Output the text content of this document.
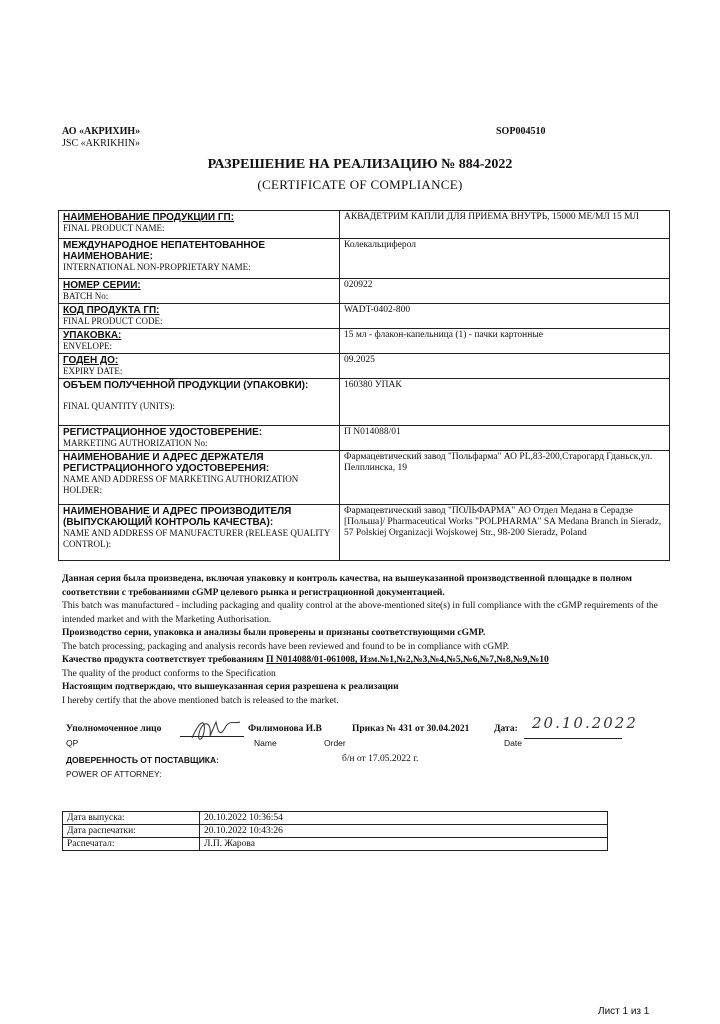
АО «АКРИХИН»
JSC «AKRIKHIN»
SOP004510
РАЗРЕШЕНИЕ НА РЕАЛИЗАЦИЮ № 884-2022
(CERTIFICATE OF COMPLIANCE)
НАИМЕНОВАНИЕ ПРОДУКЦИИ ГП:
FINAL PRODUCT NAME:	АКВАДЕТРИМ КАПЛИ ДЛЯ ПРИЕМА ВНУТРЬ, 15000 МЕ/МЛ 15 МЛ

МЕЖДУНАРОДНОЕ НЕПАТЕНТОВАННОЕ НАИМЕНОВАНИЕ:
INTERNATIONAL NON-PROPRIETARY NAME:	Колекальциферол

НОМЕР СЕРИИ:
BATCH No:	020922

КОД ПРОДУКТА ГП:
FINAL PRODUCT CODE:	WADT-0402-800

УПАКОВКА:
ENVELOPE:	15 мл - флакон-капельница (1) - пачки картонные

ГОДЕН ДО:
EXPIRY DATE:	09.2025

ОБЪЕМ ПОЛУЧЕННОЙ ПРОДУКЦИИ (УПАКОВКИ):
FINAL QUANTITY (UNITS):	160380 УПАК

РЕГИСТРАЦИОННОЕ УДОСТОВЕРЕНИЕ:
MARKETING AUTHORIZATION No:	П N014088/01

НАИМЕНОВАНИЕ И АДРЕС ДЕРЖАТЕЛЯ РЕГИСТРАЦИОННОГО УДОСТОВЕРЕНИЯ:
NAME AND ADDRESS OF MARKETING AUTHORIZATION HOLDER:	Фармацевтический завод "Польфарма" АО PL,83-200,Старогард Гданьск,ул. Пелплинска, 19

НАИМЕНОВАНИЕ И АДРЕС ПРОИЗВОДИТЕЛЯ (ВЫПУСКАЮЩИЙ КОНТРОЛЬ КАЧЕСТВА):
NAME AND ADDRESS OF MANUFACTURER (RELEASE QUALITY CONTROL):	Фармацевтический завод "ПОЛЬФАРМА" АО Отдел Медана в Серадзе [Польша]/ Pharmaceutical Works "POLPHARMA" SA Medana Branch in Sieradz, 57 Polskiej Organizacji Wojskowej Str., 98-200 Sieradz, Poland

Данная серия была произведена, включая упаковку и контроль качества, на вышеуказанной производственной площадке в полном соответствии с требованиями cGMP целевого рынка и регистрационной документацией.

This batch was manufactured - including packaging and quality control at the above-mentioned site(s) in full compliance with the cGMP requirements of the intended market and with the Marketing Authorisation.

Производство серии, упаковка и анализы были проверены и признаны соответствующими cGMP.

The batch processing, packaging and analysis records have been reviewed and found to be in compliance with cGMP.

Качество продукта соответствует требованиям П N014088/01-061008, Изм.№1,№2,№3,№4,№5,№6,№7,№8,№9,№10

The quality of the product conforms to the Specification

Настоящим подтверждаю, что вышеуказанная серия разрешена к реализации

I hereby certify that the above mentioned batch is released to the market.

Уполномоченное лицо	Филимонова И.В	Приказ № 431 от 30.04.2021	Дата: 20.10.2022
QP	Name	Order	Date
ДОВЕРЕННОСТЬ ОТ ПОСТАВЩИКА:	б/н от 17.05.2022 г.
POWER OF ATTORNEY:
Дата выпуска:	20.10.2022 10:36:54
Дата распечатки:	20.10.2022 10:43:26
Распечатал:	Л.П. Жарова
Лист 1 из 1
